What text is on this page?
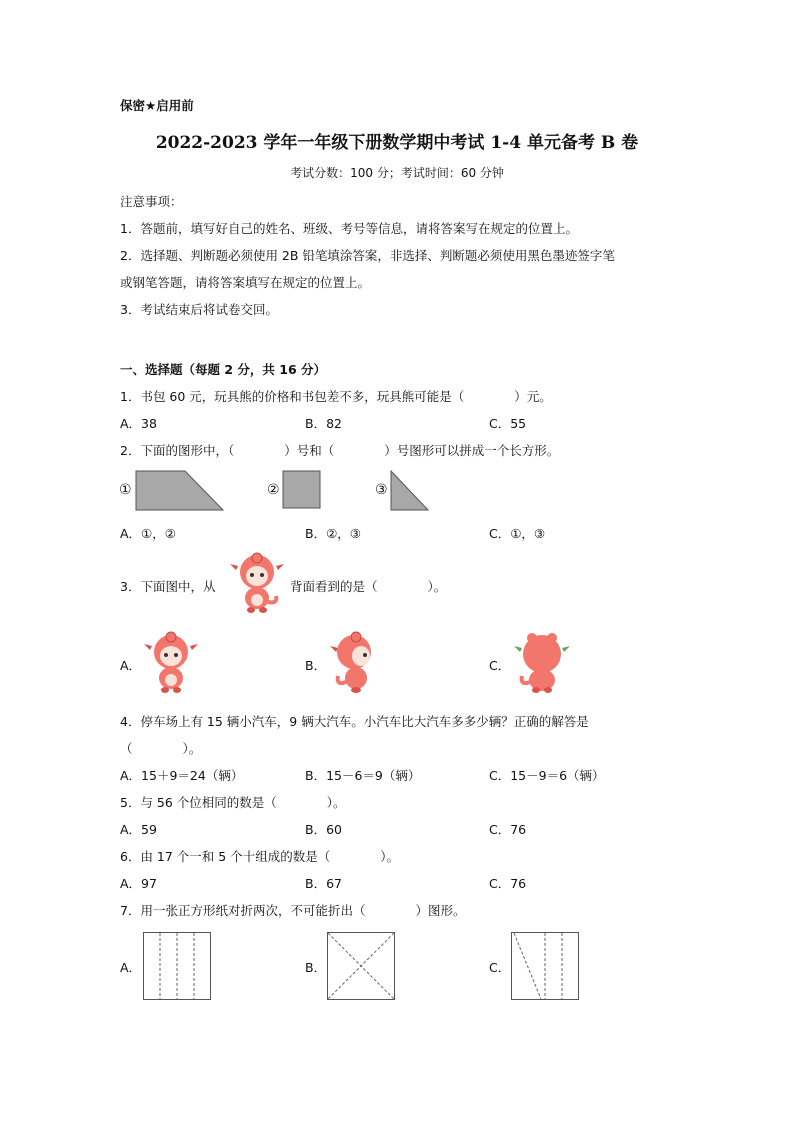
保密★启用前
2022-2023 学年一年级下册数学期中考试 1-4 单元备考 B 卷
考试分数：100 分；考试时间：60 分钟
注意事项：
1．答题前，填写好自己的姓名、班级、考号等信息，请将答案写在规定的位置上。
2．选择题、判断题必须使用 2B 铅笔填涂答案，非选择、判断题必须使用黑色墨迹签字笔
或钢笔答题，请将答案填写在规定的位置上。
3．考试结束后将试卷交回。
一、选择题（每题 2 分，共 16 分）
1．书包 60 元，玩具熊的价格和书包差不多，玩具熊可能是（　　　　）元。
A．38	B．82	C．55
2．下面的图形中，（　　　　）号和（　　　　）号图形可以拼成一个长方形。
①	②	③
A．①，②	B．②，③	C．①，③
3．下面图中，从	背面看到的是（　　　　）。
A．	B．	C．
4．停车场上有 15 辆小汽车，9 辆大汽车。小汽车比大汽车多多少辆？正确的解答是
（　　　　）。
A．15＋9＝24（辆）	B．15－6＝9（辆）	C．15－9＝6（辆）
5．与 56 个位相同的数是（　　　　）。
A．59	B．60	C．76
6．由 17 个一和 5 个十组成的数是（　　　　）。
A．97	B．67	C．76
7．用一张正方形纸对折两次，不可能折出（　　　　）图形。
A．	B．	C．
